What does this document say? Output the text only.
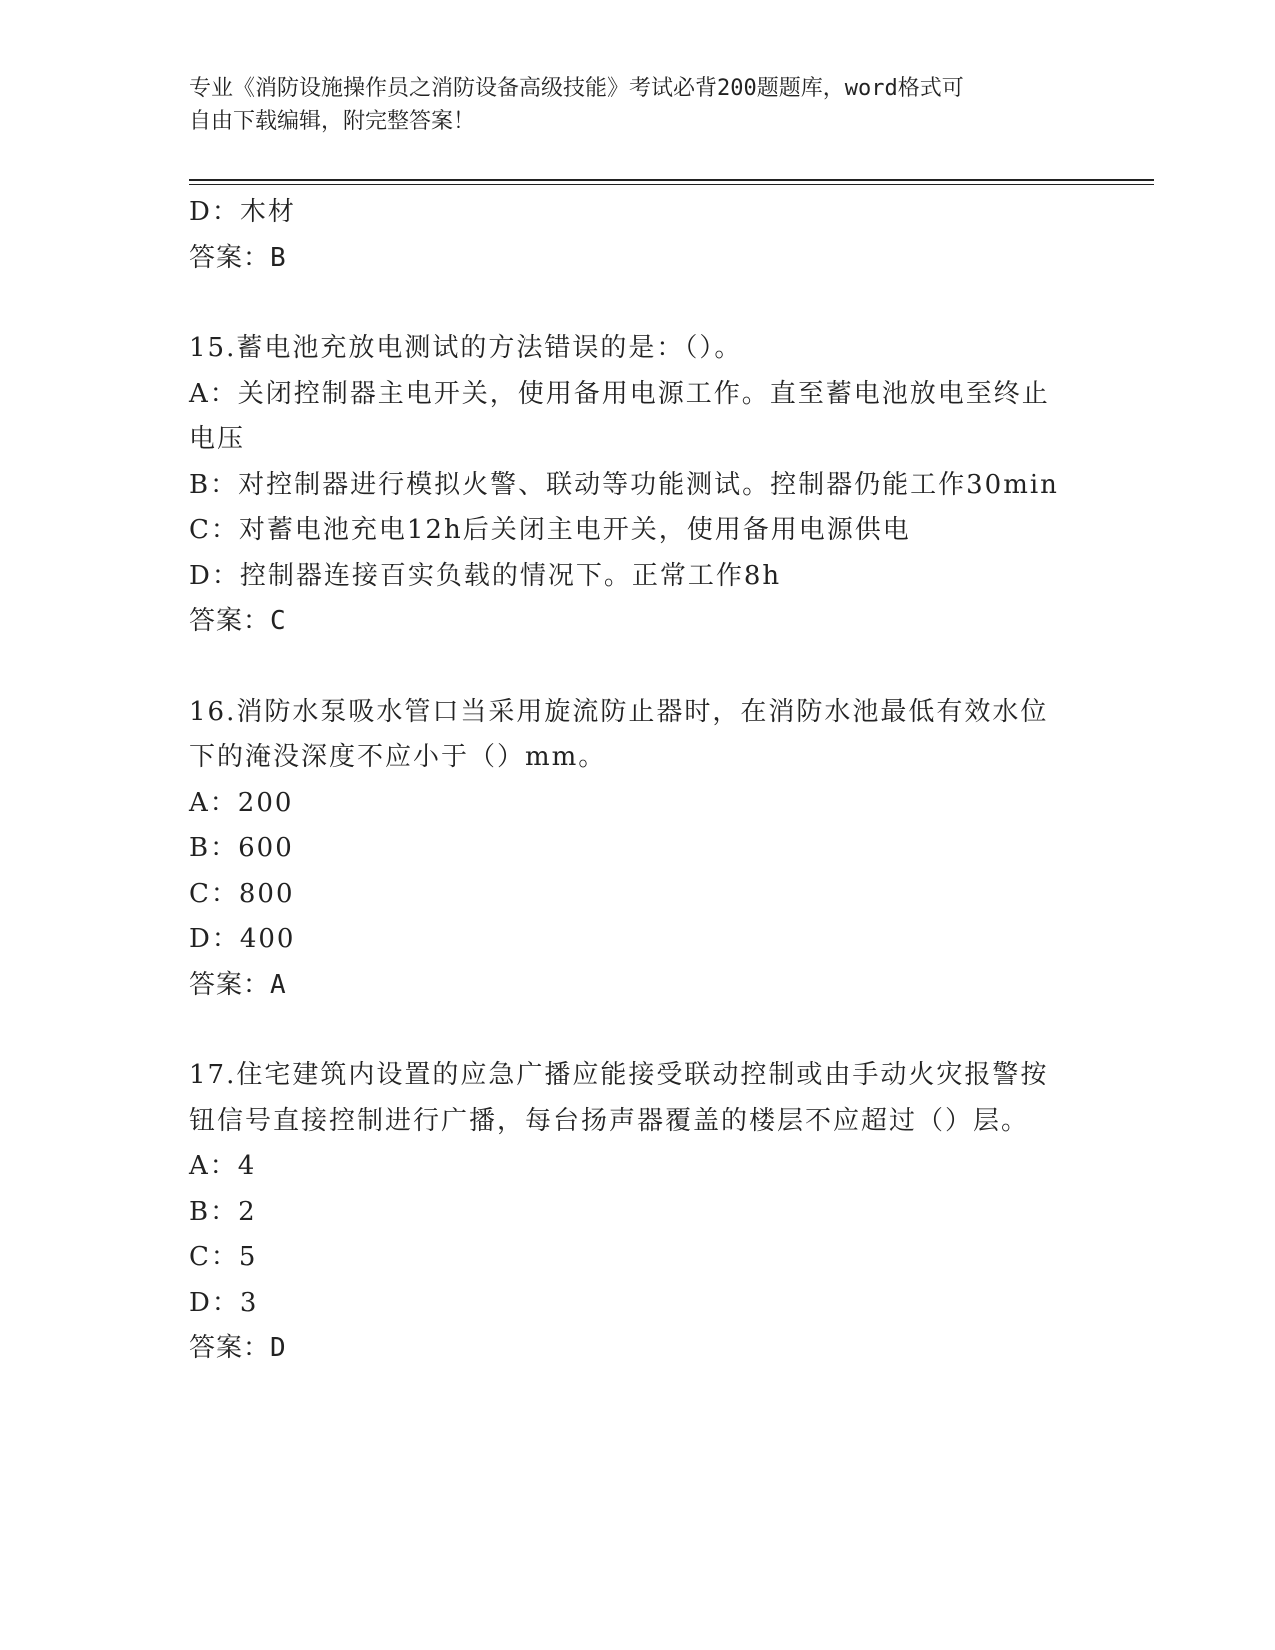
专业《消防设施操作员之消防设备高级技能》考试必背200题题库，word格式可
自由下载编辑，附完整答案！
D：木材
答案：B
15.蓄电池充放电测试的方法错误的是：（）。
A：关闭控制器主电开关，使用备用电源工作。直至蓄电池放电至终止
电压
B：对控制器进行模拟火警、联动等功能测试。控制器仍能工作30min
C：对蓄电池充电12h后关闭主电开关，使用备用电源供电
D：控制器连接百实负载的情况下。正常工作8h
答案：C
16.消防水泵吸水管口当采用旋流防止器时，在消防水池最低有效水位
下的淹没深度不应小于（）mm。
A：200
B：600
C：800
D：400
答案：A
17.住宅建筑内设置的应急广播应能接受联动控制或由手动火灾报警按
钮信号直接控制进行广播，每台扬声器覆盖的楼层不应超过（）层。
A：4
B：2
C：5
D：3
答案：D
